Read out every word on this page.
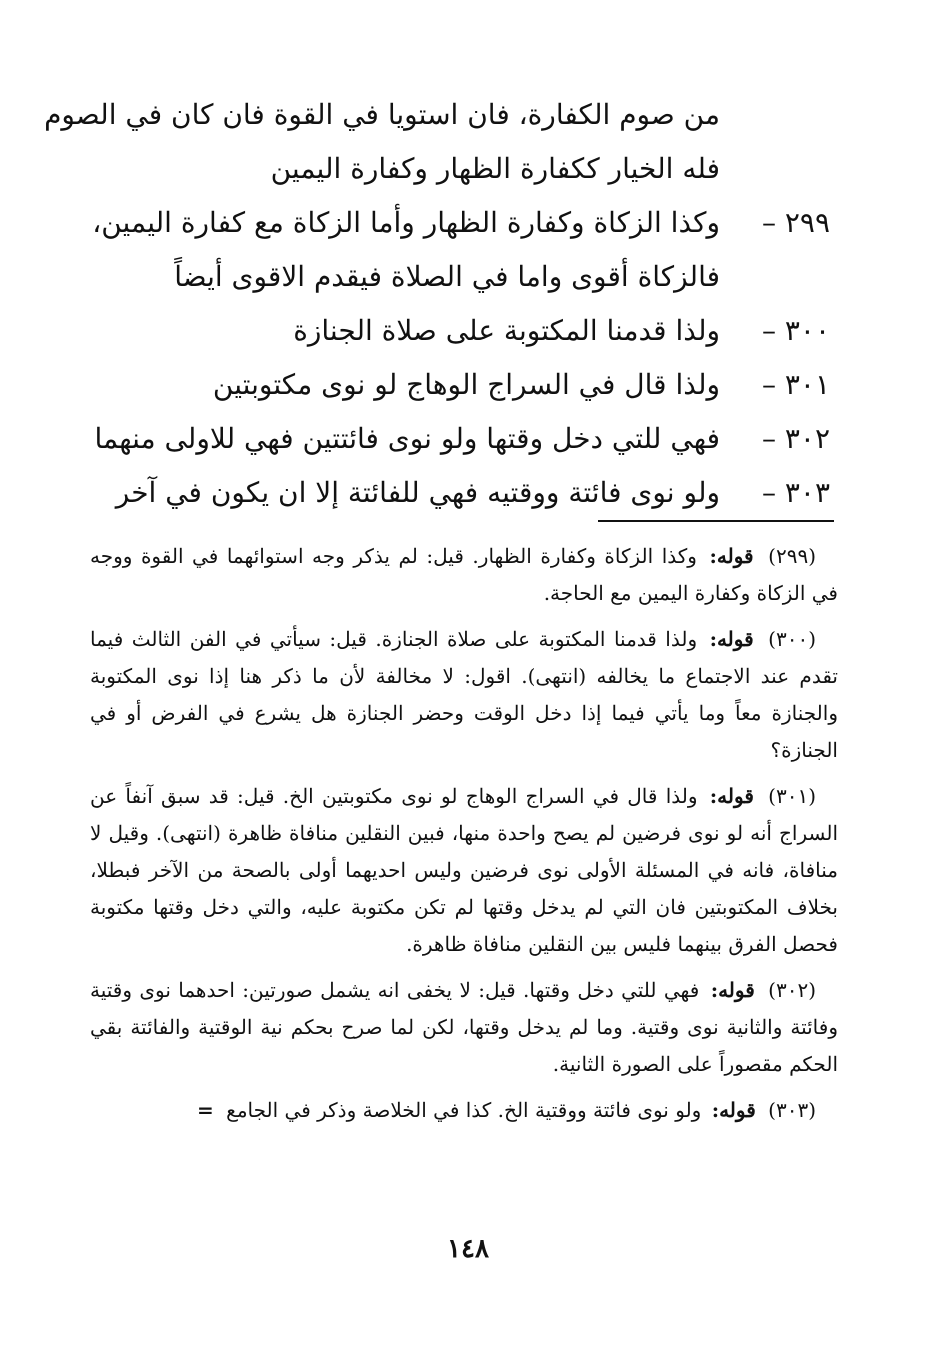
من صوم الكفارة، فان استويا في القوة فان كان في الصوم
فله الخيار ككفارة الظهار وكفارة اليمين
٢٩٩ –
وكذا الزكاة وكفارة الظهار وأما الزكاة مع كفارة اليمين،
فالزكاة أقوى واما في الصلاة فيقدم الاقوى أيضاً
٣٠٠ –
ولذا قدمنا المكتوبة على صلاة الجنازة
٣٠١ –
ولذا قال في السراج الوهاج لو نوى مكتوبتين
٣٠٢ –
فهي للتي دخل وقتها ولو نوى فائتتين فهي للاولى منهما
٣٠٣ –
ولو نوى فائتة ووقتيه فهي للفائتة إلا ان يكون في آخر

(٢٩٩) قوله: وكذا الزكاة وكفارة الظهار. قيل: لم يذكر وجه استوائهما في القوة ووجه في الزكاة وكفارة اليمين مع الحاجة.

(٣٠٠) قوله: ولذا قدمنا المكتوبة على صلاة الجنازة. قيل: سيأتي في الفن الثالث فيما تقدم عند الاجتماع ما يخالفه (انتهى). اقول: لا مخالفة لأن ما ذكر هنا إذا نوى المكتوبة والجنازة معاً وما يأتي فيما إذا دخل الوقت وحضر الجنازة هل يشرع في الفرض أو في الجنازة؟

(٣٠١) قوله: ولذا قال في السراج الوهاج لو نوى مكتوبتين الخ. قيل: قد سبق آنفاً عن السراج أنه لو نوى فرضين لم يصح واحدة منها، فبين النقلين منافاة ظاهرة (انتهى). وقيل لا منافاة، فانه في المسئلة الأولى نوى فرضين وليس احديهما أولى بالصحة من الآخر فبطلا، بخلاف المكتوبتين فان التي لم يدخل وقتها لم تكن مكتوبة عليه، والتي دخل وقتها مكتوبة فحصل الفرق بينهما فليس بين النقلين منافاة ظاهرة.

(٣٠٢) قوله: فهي للتي دخل وقتها. قيل: لا يخفى انه يشمل صورتين: احدهما نوى وقتية وفائتة والثانية نوى وقتية. وما لم يدخل وقتها، لكن لما صرح بحكم نية الوقتية والفائتة بقي الحكم مقصوراً على الصورة الثانية.

(٣٠٣) قوله: ولو نوى فائتة ووقتية الخ. كذا في الخلاصة وذكر في الجامع =

١٤٨
